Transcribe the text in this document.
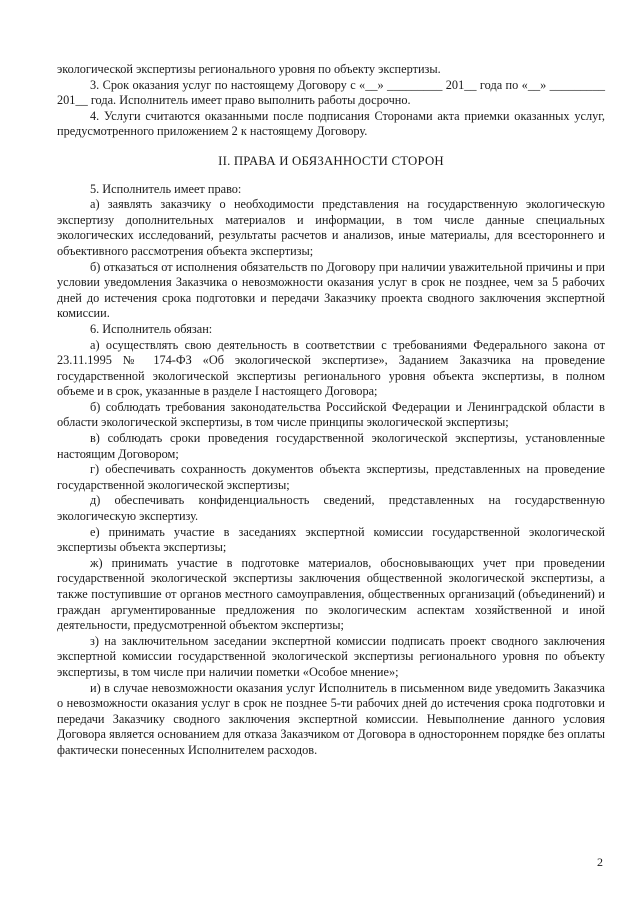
экологической экспертизы регионального уровня по объекту экспертизы.

3. Срок оказания услуг по настоящему Договору с «__» _________ 201__ года по «__» _________ 201__ года. Исполнитель имеет право выполнить работы досрочно.

4. Услуги считаются оказанными после подписания Сторонами акта приемки оказанных услуг, предусмотренного приложением 2 к настоящему Договору.

II. ПРАВА И ОБЯЗАННОСТИ СТОРОН

5. Исполнитель имеет право:

а) заявлять заказчику о необходимости представления на государственную экологическую экспертизу дополнительных материалов и информации, в том числе данные специальных экологических исследований, результаты расчетов и анализов, иные материалы, для всестороннего и объективного рассмотрения объекта экспертизы;

б) отказаться от исполнения обязательств по Договору при наличии уважительной причины и при условии уведомления Заказчика о невозможности оказания услуг в срок не позднее, чем за 5 рабочих дней до истечения срока подготовки и передачи Заказчику проекта сводного заключения экспертной комиссии.

6. Исполнитель обязан:

а) осуществлять свою деятельность в соответствии с требованиями Федерального закона от 23.11.1995 № 174-ФЗ «Об экологической экспертизе», Заданием Заказчика на проведение государственной экологической экспертизы регионального уровня объекта экспертизы, в полном объеме и в срок, указанные в разделе I настоящего Договора;

б) соблюдать требования законодательства Российской Федерации и Ленинградской области в области экологической экспертизы, в том числе принципы экологической экспертизы;

в) соблюдать сроки проведения государственной экологической экспертизы, установленные настоящим Договором;

г) обеспечивать сохранность документов объекта экспертизы, представленных на проведение государственной экологической экспертизы;

д) обеспечивать конфиденциальность сведений, представленных на государственную экологическую экспертизу.

е) принимать участие в заседаниях экспертной комиссии государственной экологической экспертизы объекта экспертизы;

ж) принимать участие в подготовке материалов, обосновывающих учет при проведении государственной экологической экспертизы заключения общественной экологической экспертизы, а также поступившие от органов местного самоуправления, общественных организаций (объединений) и граждан аргументированные предложения по экологическим аспектам хозяйственной и иной деятельности, предусмотренной объектом экспертизы;

з) на заключительном заседании экспертной комиссии подписать проект сводного заключения экспертной комиссии государственной экологической экспертизы регионального уровня по объекту экспертизы, в том числе при наличии пометки «Особое мнение»;

и) в случае невозможности оказания услуг Исполнитель в письменном виде уведомить Заказчика о невозможности оказания услуг в срок не позднее 5-ти рабочих дней до истечения срока подготовки и передачи Заказчику сводного заключения экспертной комиссии. Невыполнение данного условия Договора является основанием для отказа Заказчиком от Договора в одностороннем порядке без оплаты фактически понесенных Исполнителем расходов.

2
